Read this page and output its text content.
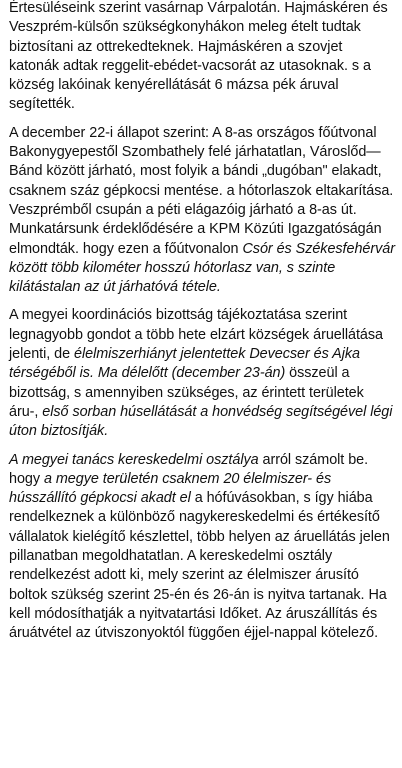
Értesüléseink szerint vasárnap Várpalotán. Hajmáskéren és Veszprém-külsőn szükségkonyhákon meleg ételt tudtak biztosítani az ottrekedteknek. Hajmáskéren a szovjet katonák adtak reggelit-ebédet-vacsorát az utasoknak. s a község lakóinak kenyérellátását 6 mázsa pék áruval segítették.

A december 22-i állapot szerint: A 8-as országos főútvonal Bakonygyepestől Szombathely felé járhatatlan, Városlőd—Bánd között járható, most folyik a bándi „dugóban" elakadt, csaknem száz gépkocsi mentése. a hótorlaszok eltakarítása. Veszprémből csupán a péti elágazóig járható a 8-as út. Munkatársunk érdeklődésére a KPM Közúti Igazgatóságán elmondták. hogy ezen a főútvonalon Csór és Székesfehérvár között több kilométer hosszú hótorlasz van, s szinte kilátástalan az út járhatóvá tétele.

A megyei koordinációs bizottság tájékoztatása szerint legnagyobb gondot a több hete elzárt községek áruellátása jelenti, de élelmiszerhiányt jelentettek Devecser és Ajka térségéből is. Ma délelőtt (december 23-án) összeül a bizottság, s amennyiben szükséges, az érintett területek áru-, első sorban húsellátását a honvédség segítségével légi úton biztosítják.

A megyei tanács kereskedelmi osztálya arról számolt be. hogy a megye területén csaknem 20 élelmiszer- és hússzállító gépkocsi akadt el a hófúvásokban, s így hiába rendelkeznek a különböző nagykereskedelmi és értékesítő vállalatok kielégítő készlettel, több helyen az áruellátás jelen pillanatban megoldhatatlan. A kereskedelmi osztály rendelkezést adott ki, mely szerint az élelmiszer árusító boltok szükség szerint 25-én és 26-án is nyitva tartanak. Ha kell módosíthatják a nyitvatartási Időket. Az áruszállítás és áruátvétel az útviszonyoktól függően éjjel-nappal kötelező.
